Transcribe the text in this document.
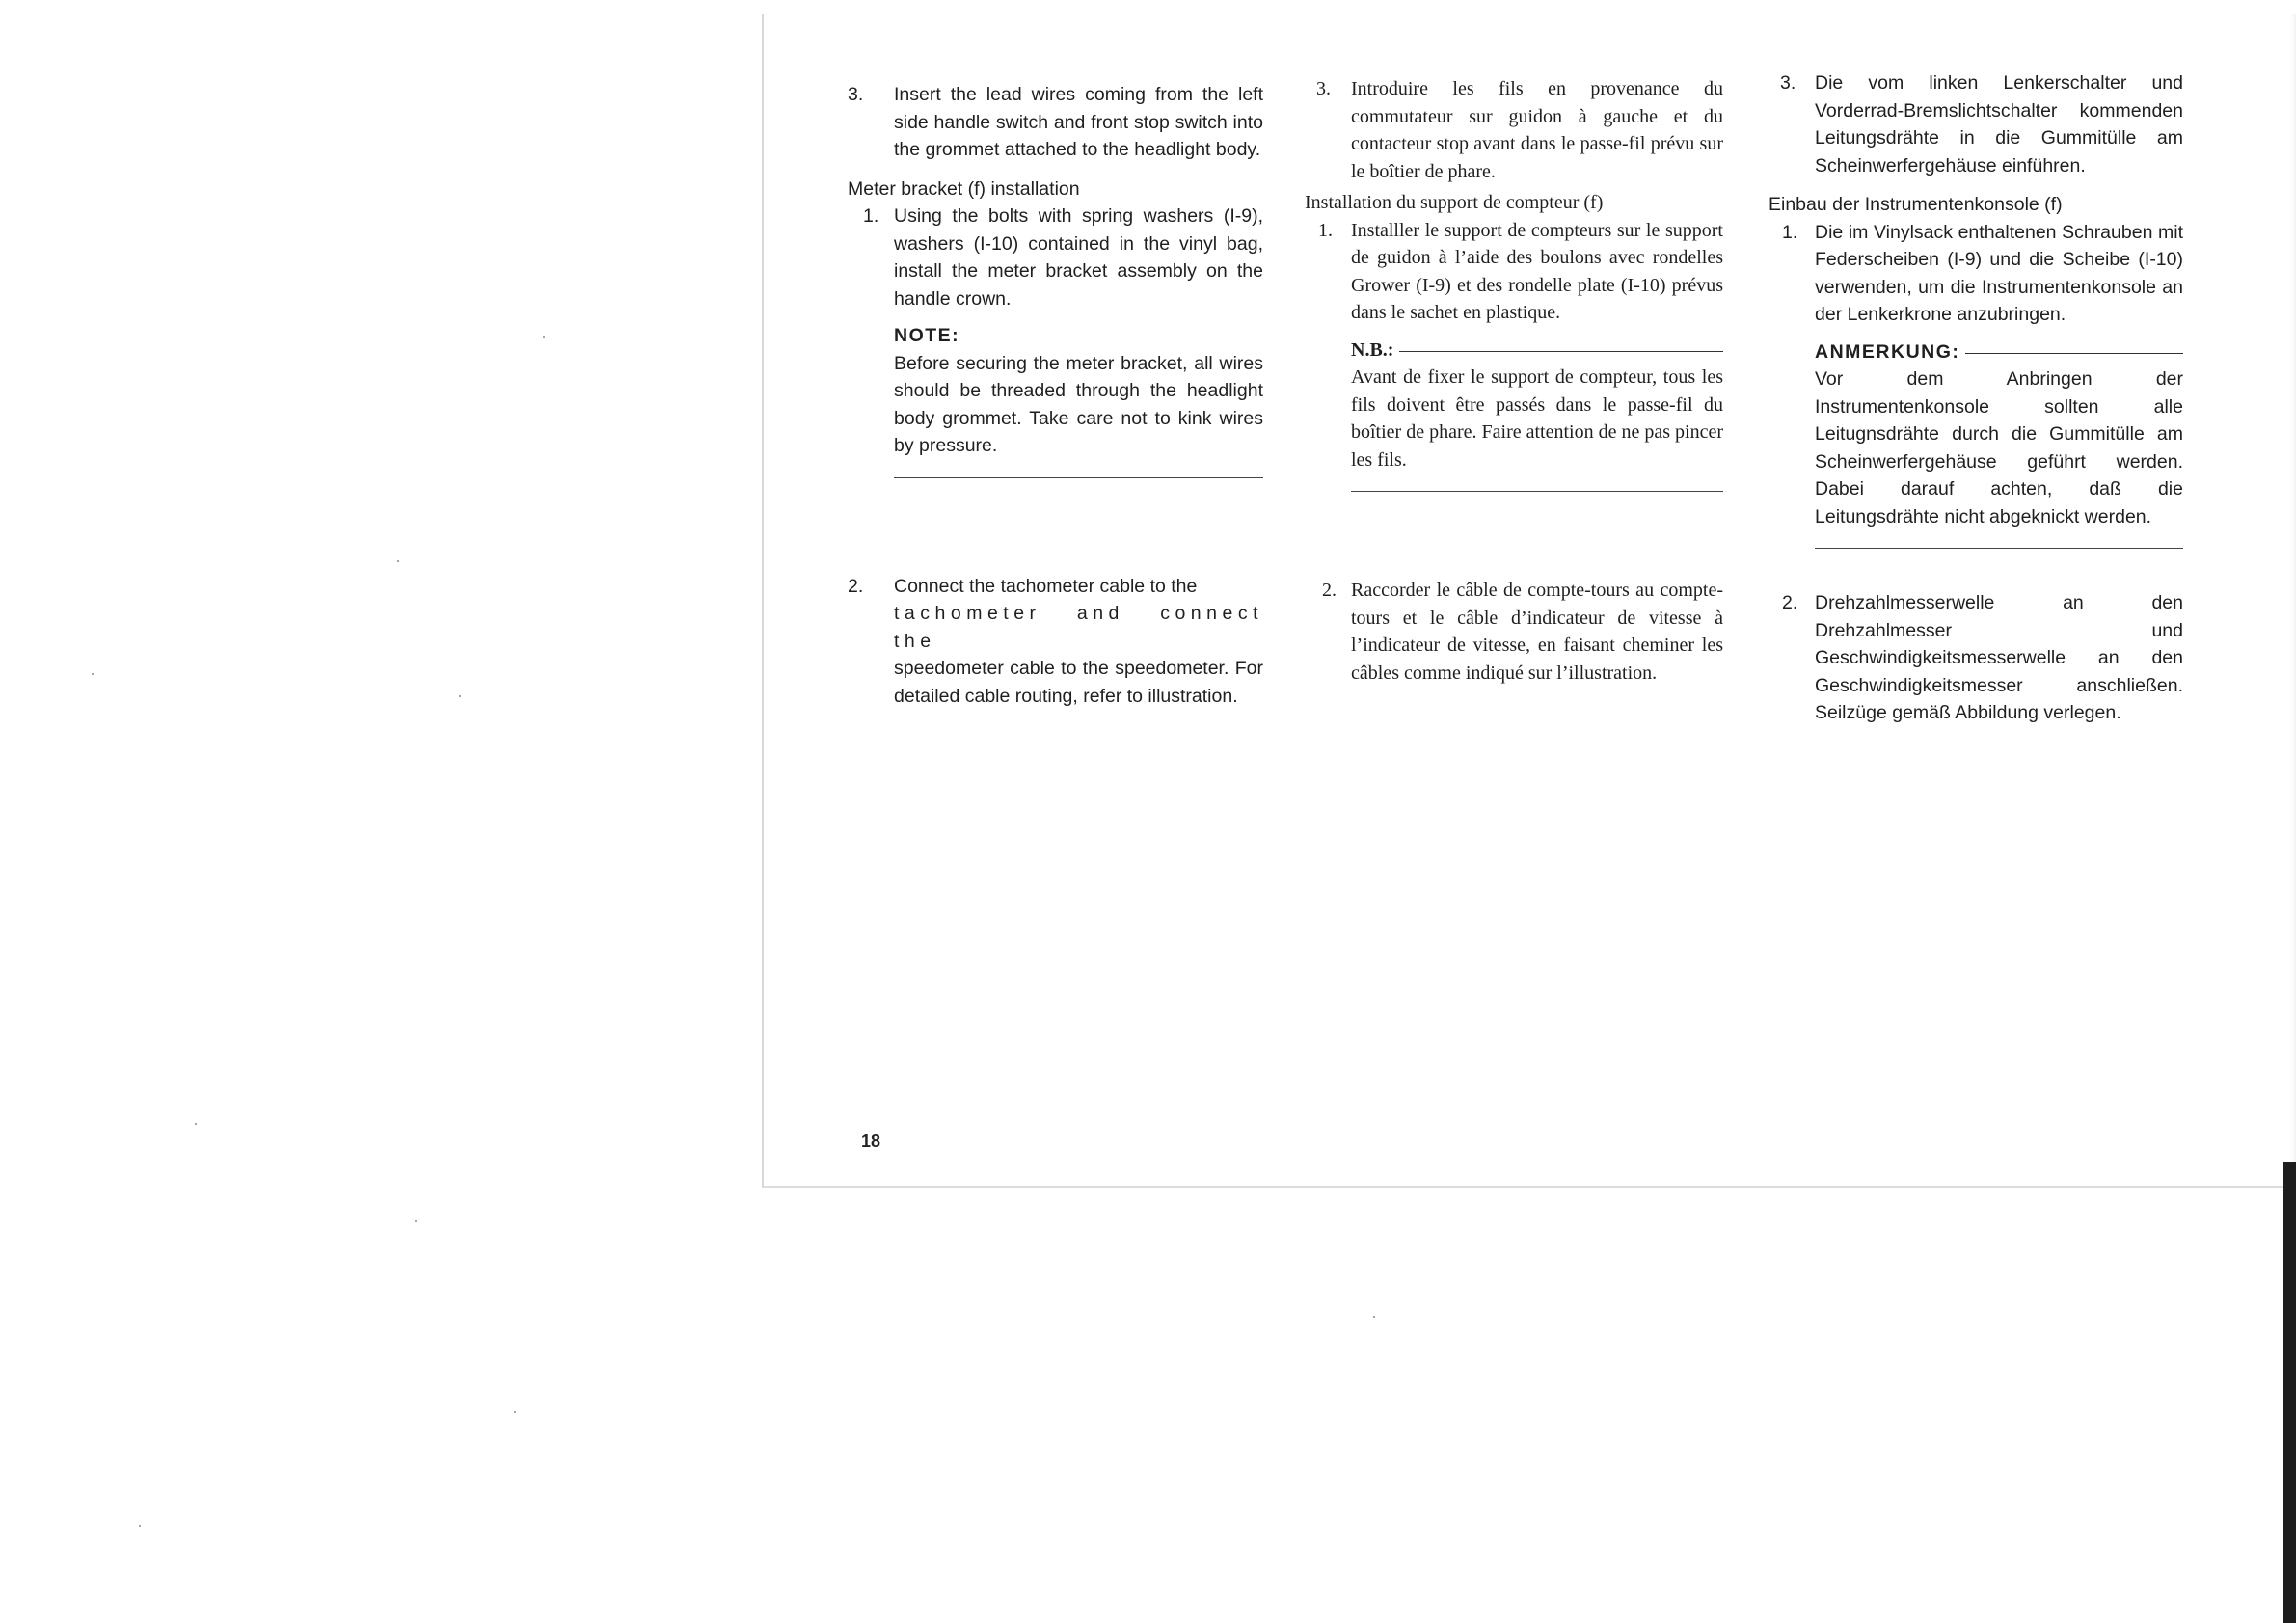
3. Insert the lead wires coming from the left side handle switch and front stop switch into the grommet attached to the headlight body.

Meter bracket (f) installation

1. Using the bolts with spring washers (I-9), washers (I-10) contained in the vinyl bag, install the meter bracket assembly on the handle crown.

NOTE:

Before securing the meter bracket, all wires should be threaded through the headlight body grommet. Take care not to kink wires by pressure.

2. Connect the tachometer cable to the
tachometer and connect the

speedometer cable to the speedometer. For detailed cable routing, refer to illustration.

3. Introduire les fils en provenance du commutateur sur guidon à gauche et du contacteur stop avant dans le passe-fil prévu sur le boîtier de phare.

Installation du support de compteur (f)

1. Installler le support de compteurs sur le support de guidon à l’aide des boulons avec rondelles Grower (I-9) et des rondelle plate (I-10) prévus dans le sachet en plastique.

N.B.:

Avant de fixer le support de compteur, tous les fils doivent être passés dans le passe-fil du boîtier de phare. Faire attention de ne pas pincer les fils.

2. Raccorder le câble de compte-tours au compte-tours et le câble d’indicateur de vitesse à l’indicateur de vitesse, en faisant cheminer les câbles comme indiqué sur l’illustration.

3. Die vom linken Lenkerschalter und Vorderrad-Bremslichtschalter kommenden Leitungsdrähte in die Gummitülle am Scheinwerfergehäuse einführen.

Einbau der Instrumentenkonsole (f)

1. Die im Vinylsack enthaltenen Schrauben mit Federscheiben (I-9) und die Scheibe (I-10) verwenden, um die Instrumentenkonsole an der Lenkerkrone anzubringen.

ANMERKUNG:

Vor dem Anbringen der Instrumentenkonsole sollten alle Leitugnsdrähte durch die Gummitülle am Scheinwerfergehäuse geführt werden. Dabei darauf achten, daß die Leitungsdrähte nicht abgeknickt werden.

2. Drehzahlmesserwelle an den Drehzahlmesser und Geschwindigkeitsmesserwelle an den Geschwindigkeitsmesser anschließen. Seilzüge gemäß Abbildung verlegen.

18
